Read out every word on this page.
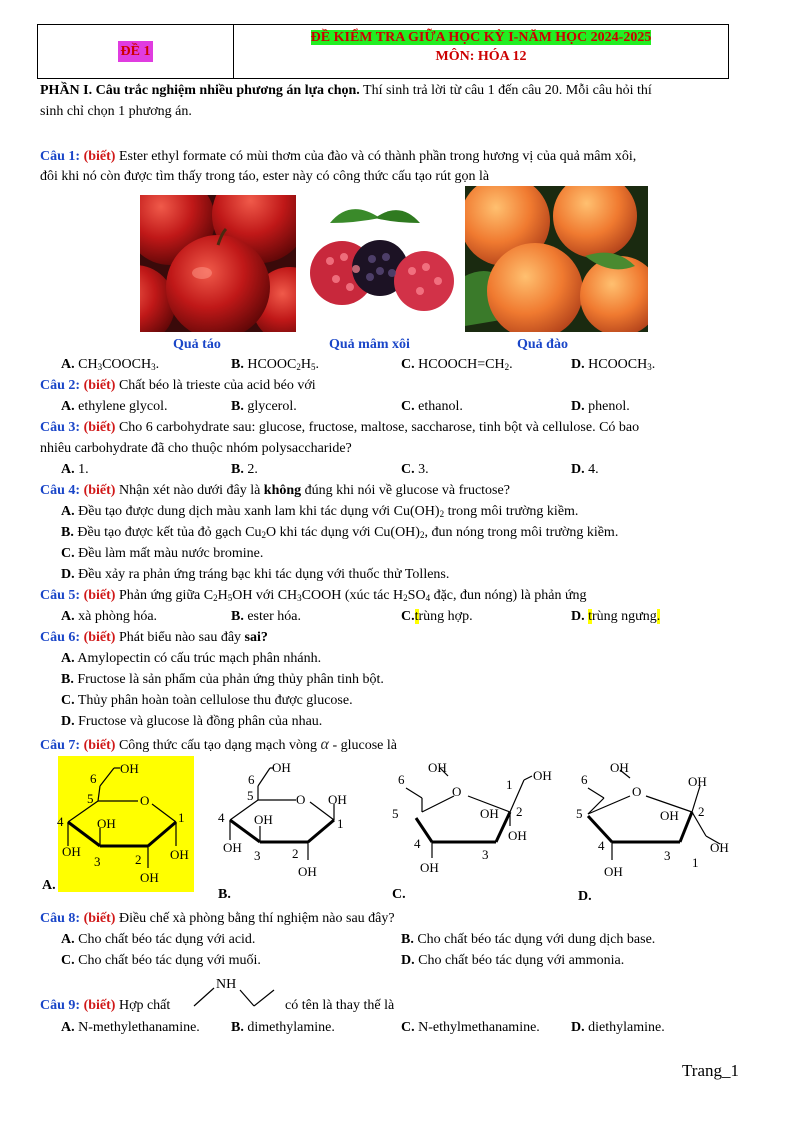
ĐỀ 1
ĐỀ KIỂM TRA GIỮA HỌC KỲ I-NĂM HỌC 2024-2025
MÔN: HÓA 12
PHẦN I. Câu trắc nghiệm nhiều phương án lựa chọn. Thí sinh trả lời từ câu 1 đến câu 20. Mỗi câu hỏi thí
sinh chỉ chọn 1 phương án.
Câu 1: (biết) Ester ethyl formate có mùi thơm của đào và có thành phần trong hương vị của quả mâm xôi,
đôi khi nó còn được tìm thấy trong táo, ester này có công thức cấu tạo rút gọn là
Quả táo	Quả mâm xôi	Quả đào
A. $CH_3COOCH_3$.	B. $HCOOC_2H_5$.	C. $HCOOCH=CH_2$.	D. $HCOOCH_3$.
Câu 2: (biết) Chất béo là trieste của acid béo với
A. ethylene glycol.	B. glycerol.	C. ethanol.	D. phenol.
Câu 3: (biết) Cho 6 carbohydrate sau: glucose, fructose, maltose, saccharose, tinh bột và cellulose. Có bao
nhiêu carbohydrate đã cho thuộc nhóm polysaccharide?
A. 1.	B. 2.	C. 3.	D. 4.
Câu 4: (biết) Nhận xét nào dưới đây là không đúng khi nói về glucose và fructose?
A. Đều tạo được dung dịch màu xanh lam khi tác dụng với $Cu(OH)_2$ trong môi trường kiềm.
B. Đều tạo được kết tủa đỏ gạch $Cu_2O$ khi tác dụng với $Cu(OH)_2$, đun nóng trong môi trường kiềm.
C. Đều làm mất màu nước bromine.
D. Đều xảy ra phản ứng tráng bạc khi tác dụng với thuốc thử Tollens.
Câu 5: (biết) Phản ứng giữa $C_2H_5OH$ với $CH_3COOH$ (xúc tác $H_2SO_4$ đặc, đun nóng) là phản ứng
A. xà phòng hóa.	B. ester hóa.	C.trùng hợp.	D. trùng ngưng.
Câu 6: (biết) Phát biểu nào sau đây sai?
A. Amylopectin có cấu trúc mạch phân nhánh.
B. Fructose là sản phẩm của phản ứng thủy phân tinh bột.
C. Thủy phân hoàn toàn cellulose thu được glucose.
D. Fructose và glucose là đồng phân của nhau.
Câu 7: (biết) Công thức cấu tạo dạng mạch vòng α - glucose là
OH
6
5	O
1
4	OH
OH
3	2 OH
OH
A.
OH
6
5	O OH
1
4 OH
OH
3 2
OH
B.
OH
6
5
O	1
OH
OH 2
OH
4
3
OH
C.
OH
6
5
O
OH
2
OH
4
3
OH
1
OH
D.
Câu 8: (biết) Điều chế xà phòng bằng thí nghiệm nào sau đây?
A. Cho chất béo tác dụng với acid.	B. Cho chất béo tác dụng với dung dịch base.
C. Cho chất béo tác dụng với muối.	D. Cho chất béo tác dụng với ammonia.
Câu 9: (biết) Hợp chất
NH
có tên là thay thế là
A. N-methylethanamine. B. dimethylamine.	C. N-ethylmethanamine. D. diethylamine.
Trang_1
